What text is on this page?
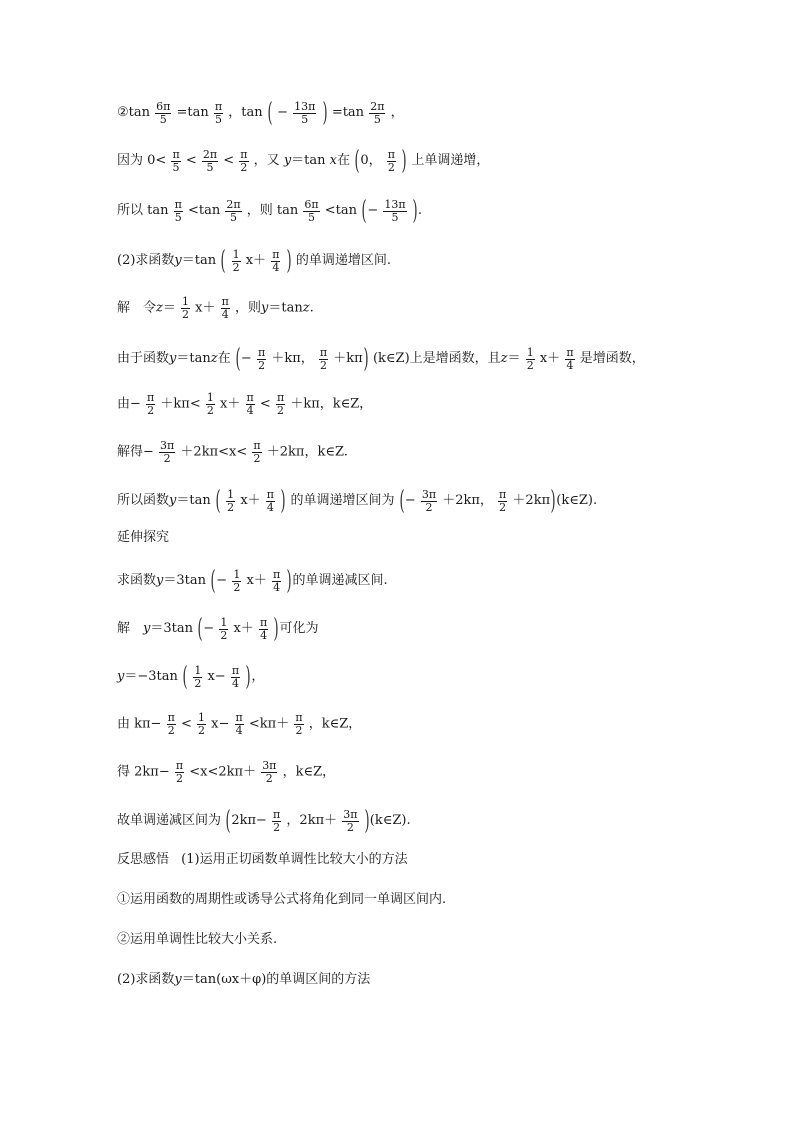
②tan $\frac{6\pi}{5} =\tan \frac{\pi}{5}$ ，tan ( − $\frac{13\pi}{5}$ ) $=\tan \frac{2\pi}{5}$ ，
因为 $0< \frac{\pi}{5} < \frac{2\pi}{5} < \frac{\pi}{2}$ ，又 y＝tan x在 (0， $\frac{\pi}{2}$ ) 上单调递增，
所以 $\tan \frac{\pi}{5} <\tan \frac{2\pi}{5}$ ，则 $\tan \frac{6\pi}{5} <\tan$ (− $\frac{13\pi}{5}$ ).
(2)求函数y＝tan ( $\frac{1}{2} x+ \frac{\pi}{4}$ ) 的单调递增区间.
解　令$z= \frac{1}{2} x+ \frac{\pi}{4}$ ，则y＝tanz.
由于函数y＝tanz在 (− $\frac{\pi}{2} +k\pi$， $\frac{\pi}{2} +k\pi$) (k∈Z)上是增函数，且$z= \frac{1}{2} x+ \frac{\pi}{4}$ 是增函数，
由− $\frac{\pi}{2} +k\pi< \frac{1}{2} x+ \frac{\pi}{4} < \frac{\pi}{2} +k\pi$，k∈Z，
解得− $\frac{3\pi}{2} +2k\pi<x< \frac{\pi}{2} +2k\pi$，k∈Z.
所以函数y＝tan ( $\frac{1}{2} x+ \frac{\pi}{4}$ ) 的单调递增区间为 (− $\frac{3\pi}{2} +2k\pi$， $\frac{\pi}{2}$ ＋2kπ)(k∈Z).
延伸探究
求函数y＝3tan (− $\frac{1}{2} x+ \frac{\pi}{4}$ )的单调递减区间.
解　y＝3tan (− $\frac{1}{2} x+ \frac{\pi}{4}$ )可化为
y＝−3tan ( $\frac{1}{2} x- \frac{\pi}{4}$ )，
由 $k\pi- \frac{\pi}{2} < \frac{1}{2} x- \frac{\pi}{4} <k\pi+ \frac{\pi}{2}$ ，k∈Z，
得 $2k\pi- \frac{\pi}{2} <x<2k\pi+ \frac{3\pi}{2}$ ，k∈Z，
故单调递减区间为 ($2k\pi- \frac{\pi}{2}$ ，$2k\pi+ \frac{3\pi}{2}$ )(k∈Z).
反思感悟 (1)运用正切函数单调性比较大小的方法
①运用函数的周期性或诱导公式将角化到同一单调区间内.
②运用单调性比较大小关系.
(2)求函数y＝tan(ωx＋φ)的单调区间的方法
